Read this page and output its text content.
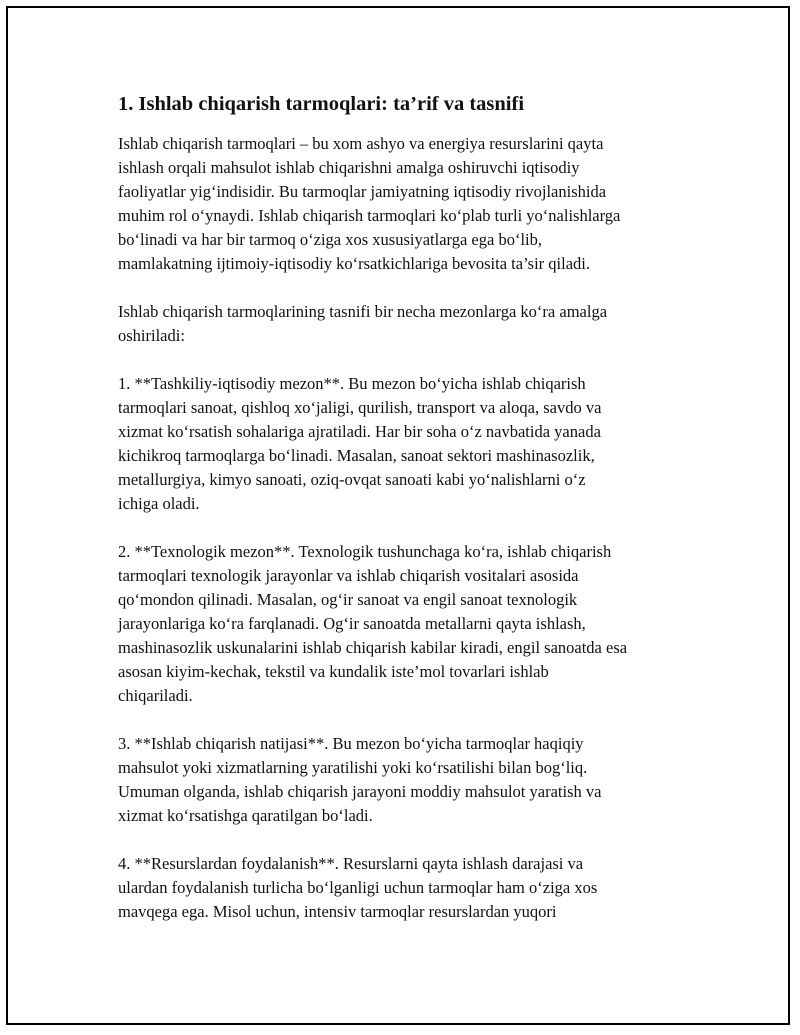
1. Ishlab chiqarish tarmoqlari: ta’rif va tasnifi

Ishlab chiqarish tarmoqlari – bu xom ashyo va energiya resurslarini qayta
ishlash orqali mahsulot ishlab chiqarishni amalga oshiruvchi iqtisodiy
faoliyatlar yig‘indisidir. Bu tarmoqlar jamiyatning iqtisodiy rivojlanishida
muhim rol o‘ynaydi. Ishlab chiqarish tarmoqlari ko‘plab turli yo‘nalishlarga
bo‘linadi va har bir tarmoq o‘ziga xos xususiyatlarga ega bo‘lib,
mamlakatning ijtimoiy-iqtisodiy ko‘rsatkichlariga bevosita ta’sir qiladi.

Ishlab chiqarish tarmoqlarining tasnifi bir necha mezonlarga ko‘ra amalga
oshiriladi:

1. **Tashkiliy-iqtisodiy mezon**. Bu mezon bo‘yicha ishlab chiqarish
tarmoqlari sanoat, qishloq xo‘jaligi, qurilish, transport va aloqa, savdo va
xizmat ko‘rsatish sohalariga ajratiladi. Har bir soha o‘z navbatida yanada
kichikroq tarmoqlarga bo‘linadi. Masalan, sanoat sektori mashinasozlik,
metallurgiya, kimyo sanoati, oziq-ovqat sanoati kabi yo‘nalishlarni o‘z
ichiga oladi.

2. **Texnologik mezon**. Texnologik tushunchaga ko‘ra, ishlab chiqarish
tarmoqlari texnologik jarayonlar va ishlab chiqarish vositalari asosida
qo‘mondon qilinadi. Masalan, og‘ir sanoat va engil sanoat texnologik
jarayonlariga ko‘ra farqlanadi. Og‘ir sanoatda metallarni qayta ishlash,
mashinasozlik uskunalarini ishlab chiqarish kabilar kiradi, engil sanoatda esa
asosan kiyim-kechak, tekstil va kundalik iste’mol tovarlari ishlab
chiqariladi.

3. **Ishlab chiqarish natijasi**. Bu mezon bo‘yicha tarmoqlar haqiqiy
mahsulot yoki xizmatlarning yaratilishi yoki ko‘rsatilishi bilan bog‘liq.
Umuman olganda, ishlab chiqarish jarayoni moddiy mahsulot yaratish va
xizmat ko‘rsatishga qaratilgan bo‘ladi.

4. **Resurslardan foydalanish**. Resurslarni qayta ishlash darajasi va
ulardan foydalanish turlicha bo‘lganligi uchun tarmoqlar ham o‘ziga xos
mavqega ega. Misol uchun, intensiv tarmoqlar resurslardan yuqori
